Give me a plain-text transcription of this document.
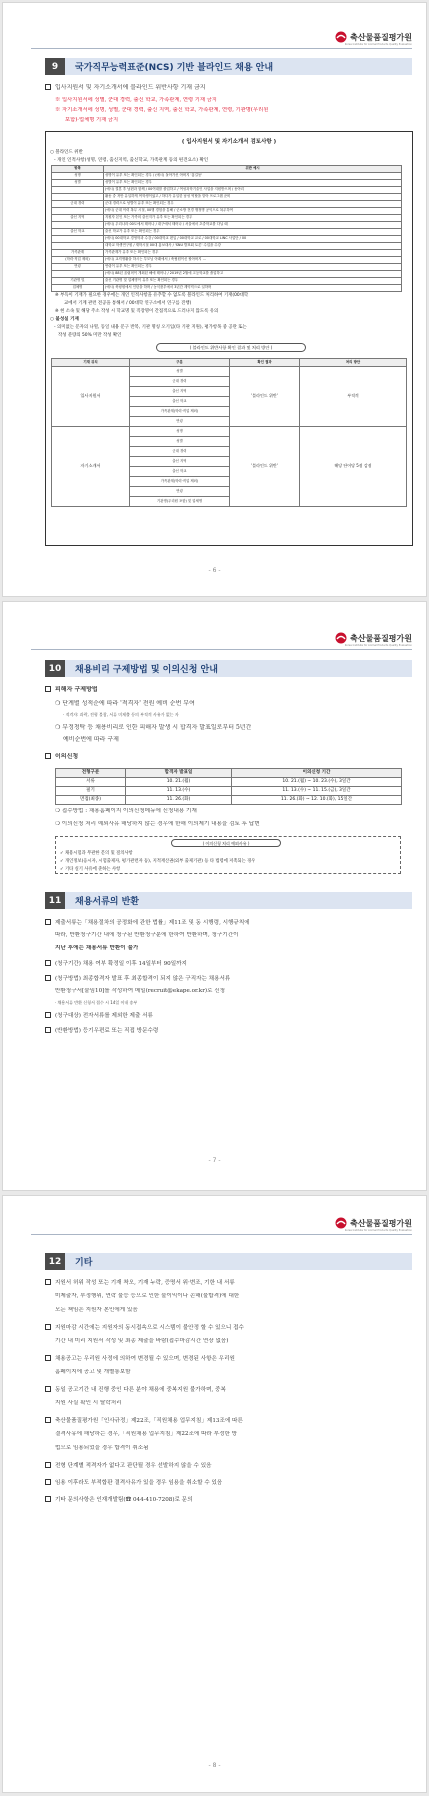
축산물품질평가원
Korea Institute for Animal Products Quality Evaluation
9	국가직무능력표준(NCS) 기반 블라인드 채용 안내
입사지원서 및 자기소개서에 블라인드 위반사항 기재 금지
※ 입사지원서에 성별, 군대 경력, 출신 학교, 가족관계, 연령 기재 금지
※ 자기소개서에 성명, 성별, 군대 경력, 출신 지역, 출신 학교, 가족관계, 연령, 기관명(우리원
포함)·업체명 기재 금지
( 입사지원서 및 자기소개서 검토사항 )
○ 블라인드 위반
- 개인 인적사항(성명, 연령, 출신지역, 출신학교, 가족관계 등의 편견요소) 확인
항목	위반 예시
성명	성명이 유추 또는 확인되는 경우 / (예시) 돌아가신 아버지 '홍길동'
성별	성별이 유추 또는 확인되는 경우
	(예시) 결혼 후 남편과 함께 / 00여대를 졸업하고 / 여성과학기술인 사업을 지원받으며 / 동아리
	활동 중 저만 유일하게 여학생이었고 / 하다가 유일한 남성 역할을 맡아 프로그램 준비
군대 경력	군대 경력으로 성별이 유추 또는 확인되는 경우
	(예시) 군대 이력 복무 시절, 00행 경험을 통해 / 군소방 전경 행정병 공익으로 복무하여
출신 지역	지원자 본인 또는 가족의 출신지가 유추 또는 확인되는 경우
	(예시) 우리나라 00도에서 태어나 / 대구에서 태어나 / 서울에서 초중학교를 다닐 때
출신 학교	출신 학교가 유추 또는 확인되는 경우
	(예시) 00대학교 경영학과 수강 / 00대학교 편입 / 00대학교 교로 / 00대학교 LINC 사업단 / 00
	대학교 학생연구원 / 재학시절 00대 홍보대사 / 'SNU 발표회 토론' 수업을 수강
가족관계	가족관계가 유추 또는 확인되는 경우
(학력·직업 제외)	(예시) 교직생활을 하시는 부모님 아래에서 / 축협원이신 할아버지 ...
연령	연령이 유추 또는 확인되는 경우
	(예시) 88년 올림픽이 개최된 해에 태어나 / 2019년 2월에 고등학교를 졸업하고
기관명 및	출신 기관명 및 업체명이 유추 또는 확인되는 경우
업체명	(예시) 축평원에서 인턴을 하며 / 농식품부에서 3년간 계약직으로 일하며
※ 부득이 기재가 필요한 경우에는 개인 인적사항을 유추할 수 없도록 블라인드 처리하여 기재(00대학
교에서 기계 관련 전공을 통해서 / 00대학 연구소에서 연구를 진행)
※ 현 소속 및 해당 주소 작성 시 학교명 및 직장명이 간접적으로 드러나지 않도록 유의
○ 불성실 기재
- 의미없는 문자의 나열, 동일 내용 문구 반복, 기관 명칭 오기입(타 기관 지원), 평가항목 중 공란 또는
작성 분량의 50% 미만 작성 확인
( 블라인드 위반사항 확인 결과 및 처리 방안 )
기재 위치	구분	확인 결과	처리 방안
입사지원서	성별	'블라인드 위반'	부적격
	군대 경력		
	출신 지역		
	출신 학교		
	가족관계(학력·직업 제외)		
	연령		
자기소개서	성명	'블라인드 위반'	해당 단어당 5점 감점
	성별		
	군대 경력		
	출신 지역		
	출신 학교		
	가족관계(학력·직업 제외)		
	연령		
	기관명(우리원 포함) 및 업체명		
- 6 -
축산물품질평가원
Korea Institute for Animal Products Quality Evaluation
10	채용비리 구제방법 및 이의신청 안내
피해자 구제방법
❍ 단계별 성적순에 따라 '적격자' 전원 예비 순번 부여
· 적격자: 과락, 전형 불참, 서류 미제출 등의 부적격 사유가 없는 자
❍ 부정청탁 등 채용비리로 인한 피해자 발생 시 합격자 발표일로부터 5년간
예비순번에 따라 구제
이의신청
전형구분	합격자 발표일	이의신청 기간
서류	10. 21.(월)	10. 21.(월) ~ 10. 23.(수), 3일간
필기	11. 13.(수)	11. 13.(수) ~ 11. 15.(금), 3일간
면접(최종)	11. 26.(화)	11. 26.(화) ~ 12. 10.(화), 15일간
❍ 접수방법 : 채용홈페이지 이의신청메뉴에 신청내용 기재
❍ 이의신청 처리 예외사유 해당하지 않는 경우에 한해 이의제기 내용을 검토 후 답변
( 이의신청 처리 예외사유 )
✓ 채용시험과 무관한 문의 및 질의사항
✓ 개인정보(응시자, 시험출제자, 평가관련자 등), 지적재산권(외부 출제기관) 등 타 법령에 저촉되는 경우
✓ 기타 실기 사유에 준하는 사항
11	채용서류의 반환
제출서류는「채용절차의 공정화에 관한 법률」제11조 및 동 시행령, 시행규칙에
따라, 반환청구기간 내에 청구된 반환청구분에 한하여 반환하며, 청구기간이
지난 후에는 채용서류 반환이 불가
(청구기간) 채용 여부 확정일 이후 14일부터 90일까지
(청구방법) 최종합격자 발표 후 최종합격이 되지 않은 구직자는 채용서류
반환청구서[붙임10]를 작성하여 메일(recruit@ekape.or.kr)로 신청
· 채용서류 반환 신청서 접수 시 14일 이내 송부
(청구대상) 전자서류를 제외한 제출 서류
(반환방법) 등기우편료 또는 직접 방문수령
- 7 -
축산물품질평가원
Korea Institute for Animal Products Quality Evaluation
12	기타
지원서 허위 작성 또는 기재 착오, 기재 누락, 증명서 위·변조, 기한 내 서류
미제출자, 부정행위, 연락 불능 등으로 인한 불이익이나 손해(불합격)에 대한
모든 책임은 지원자 본인에게 있음
지원마감 시간에는 지원자의 동시접속으로 시스템이 불안정 할 수 있으니 접수
기간 내 미리 지원서 작성 및 최종 제출을 바람(접수마감시간 연장 없음)
채용공고는 우리원 사정에 의하여 변경될 수 있으며, 변경된 사항은 우리원
홈페이지에 공고 및 개별통보함
동일 공고기간 내 진행 중인 다른 분야 채용에 중복지원 불가하며, 중복
지원 사실 확인 시 탈락처리
축산물품질평가원「인사규정」제22조,「직원채용 업무지침」제13조에 따른
결격사유에 해당하는 경우,「직원채용 업무지침」제22조에 따라 부정한 방
법으로 임용되었을 경우 합격이 취소됨
전형 단계별 적격자가 없다고 판단될 경우 선발하지 않을 수 있음
임용 이후라도 부적합판 결격사유가 있을 경우 임용을 취소할 수 있음
기타 문의사항은 인재개발팀(☎ 044-410-7208)로 문의
- 8 -
